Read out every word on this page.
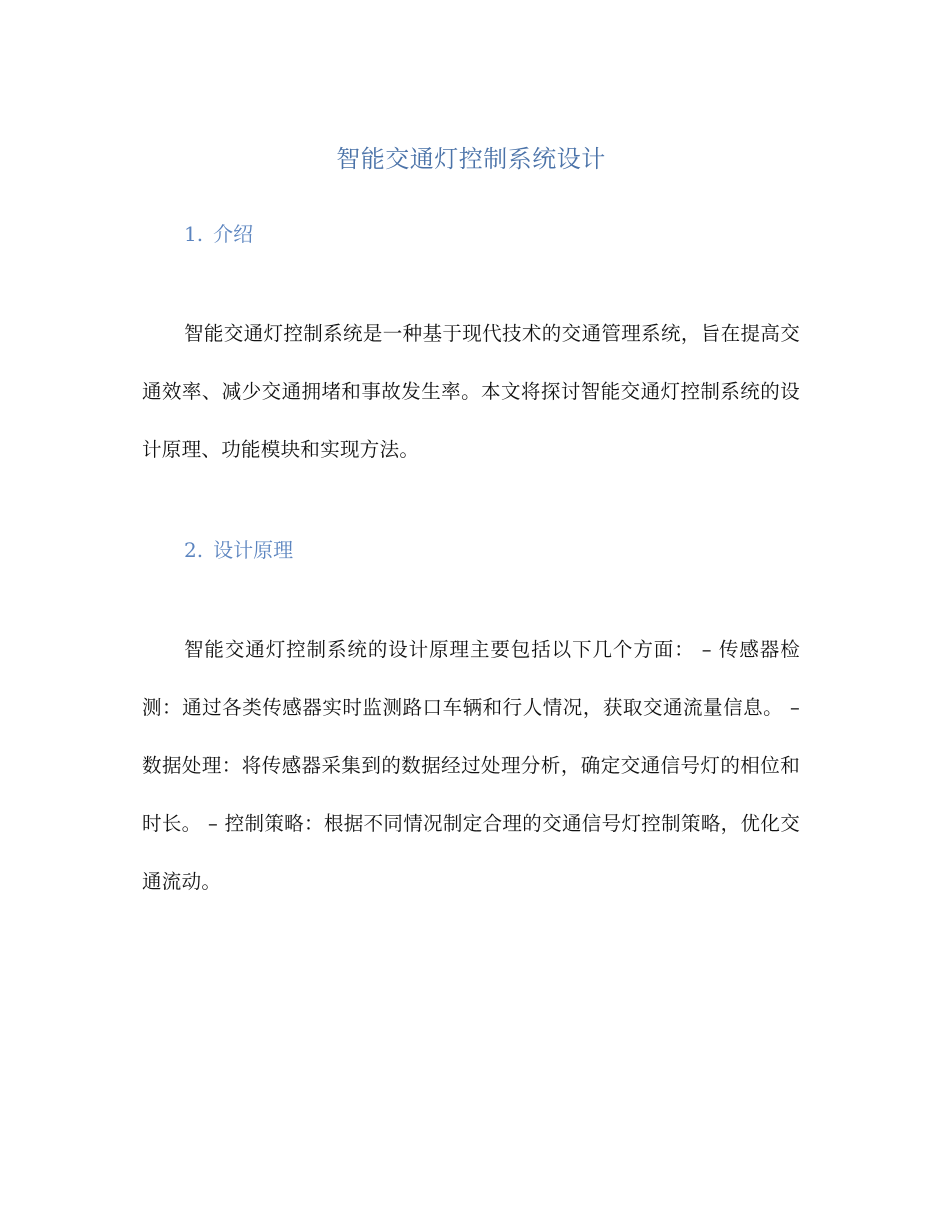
智能交通灯控制系统设计
1. 介绍

智能交通灯控制系统是一种基于现代技术的交通管理系统，旨在提高交通效率、减少交通拥堵和事故发生率。本文将探讨智能交通灯控制系统的设计原理、功能模块和实现方法。

2. 设计原理

智能交通灯控制系统的设计原理主要包括以下几个方面： – 传感器检测：通过各类传感器实时监测路口车辆和行人情况，获取交通流量信息。 – 数据处理：将传感器采集到的数据经过处理分析，确定交通信号灯的相位和时长。 – 控制策略：根据不同情况制定合理的交通信号灯控制策略，优化交通流动。
